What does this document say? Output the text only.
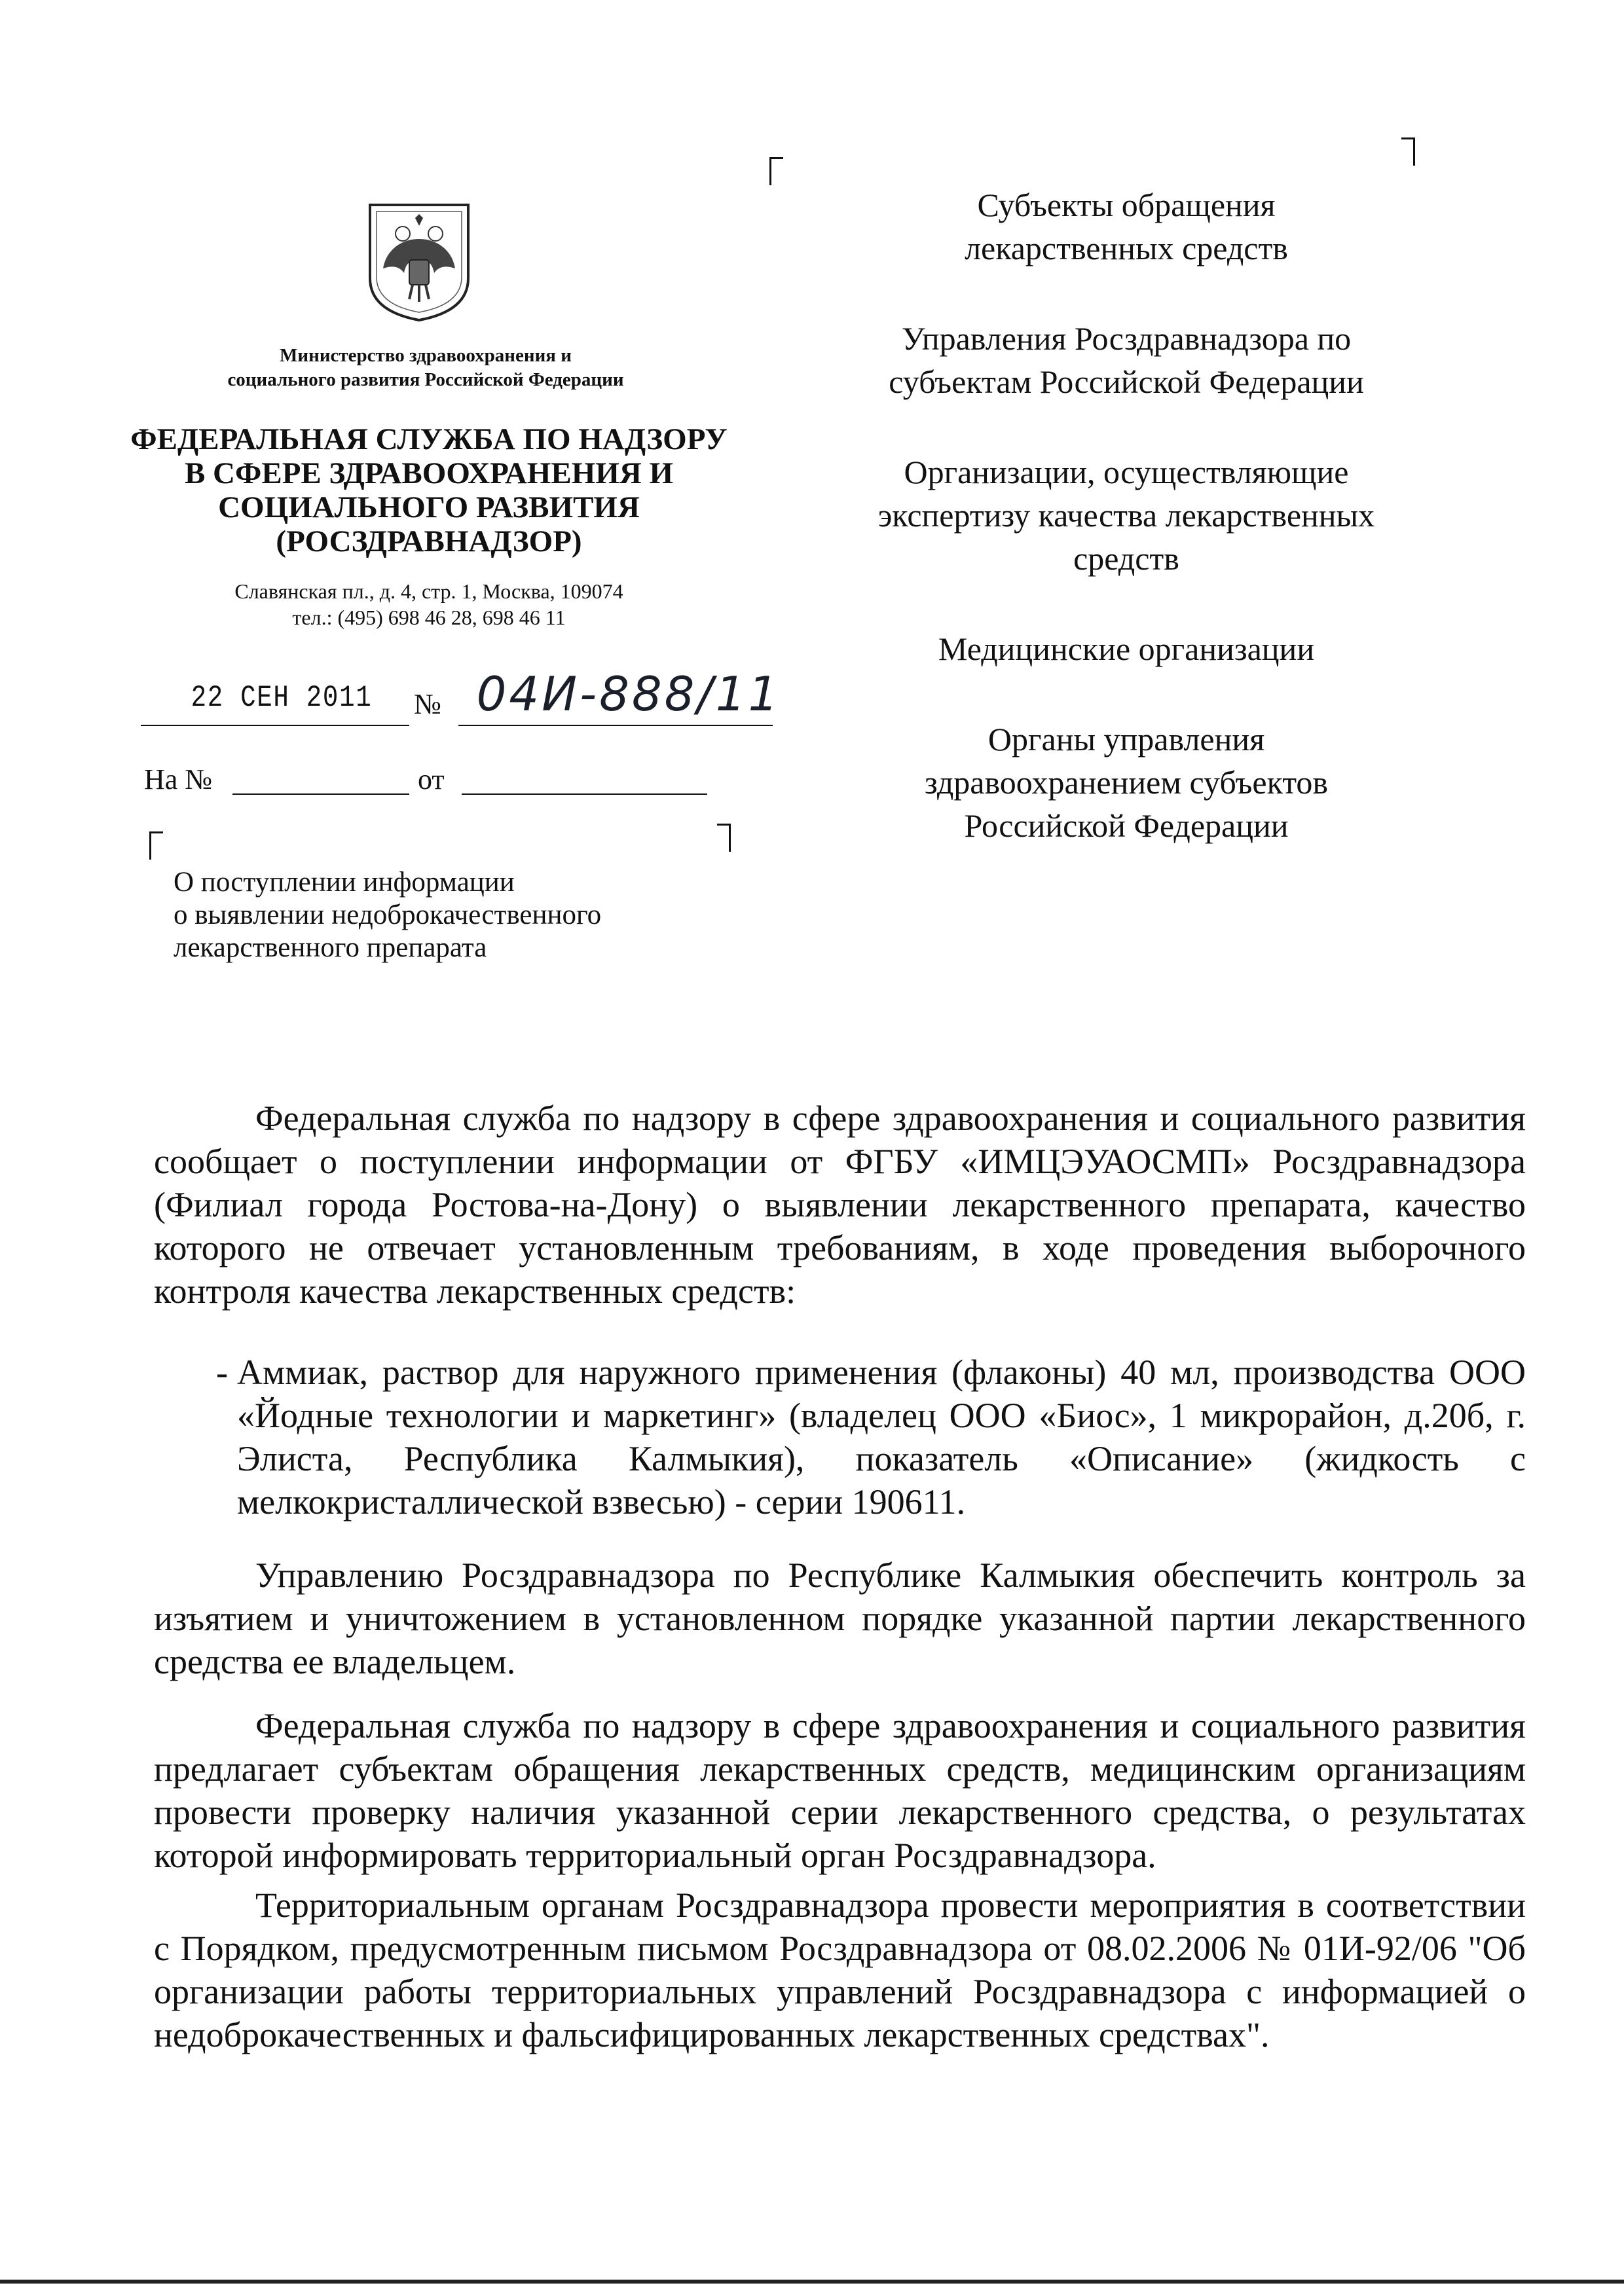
Министерство здравоохранения и
социального развития Российской Федерации
ФЕДЕРАЛЬНАЯ СЛУЖБА ПО НАДЗОРУ
В СФЕРЕ ЗДРАВООХРАНЕНИЯ И
СОЦИАЛЬНОГО РАЗВИТИЯ
(РОСЗДРАВНАДЗОР)
Славянская пл., д. 4, стр. 1, Москва, 109074
тел.: (495) 698 46 28, 698 46 11
22 СЕН 2011	№ 04И-888/11
На №	от
О поступлении информации
о выявлении недоброкачественного
лекарственного препарата
Субъекты обращения
лекарственных средств
Управления Росздравнадзора по
субъектам Российской Федерации
Организации, осуществляющие
экспертизу качества лекарственных
средств
Медицинские организации
Органы управления
здравоохранением субъектов
Российской Федерации

Федеральная служба по надзору в сфере здравоохранения и социального развития сообщает о поступлении информации от ФГБУ «ИМЦЭУАОСМП» Росздравнадзора (Филиал города Ростова-на-Дону) о выявлении лекарственного препарата, качество которого не отвечает установленным требованиям, в ходе проведения выборочного контроля качества лекарственных средств:

- Аммиак, раствор для наружного применения (флаконы) 40 мл, производства ООО «Йодные технологии и маркетинг» (владелец ООО «Биос», 1 микрорайон, д.20б, г. Элиста, Республика Калмыкия), показатель «Описание» (жидкость с мелкокристаллической взвесью) - серии 190611.

Управлению Росздравнадзора по Республике Калмыкия обеспечить контроль за изъятием и уничтожением в установленном порядке указанной партии лекарственного средства ее владельцем.

Федеральная служба по надзору в сфере здравоохранения и социального развития предлагает субъектам обращения лекарственных средств, медицинским организациям провести проверку наличия указанной серии лекарственного средства, о результатах которой информировать территориальный орган Росздравнадзора.

Территориальным органам Росздравнадзора провести мероприятия в соответствии с Порядком, предусмотренным письмом Росздравнадзора от 08.02.2006 № 01И-92/06 "Об организации работы территориальных управлений Росздравнадзора с информацией о недоброкачественных и фальсифицированных лекарственных средствах".
